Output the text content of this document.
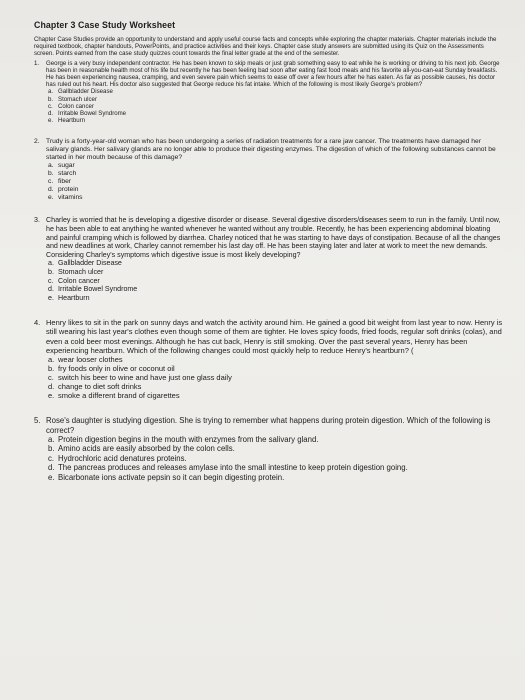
Chapter 3 Case Study Worksheet

Chapter Case Studies provide an opportunity to understand and apply useful course facts and concepts while exploring the chapter materials. Chapter materials include the required textbook, chapter handouts, PowerPoints, and practice activities and their keys. Chapter case study answers are submitted using its Quiz on the Assessments screen. Points earned from the case study quizzes count towards the final letter grade at the end of the semester.

1.	George is a very busy independent contractor. He has been known to skip meals or just grab something easy to eat while he is working or driving to his next job. George has been in reasonable health most of his life but recently he has been feeling bad soon after eating fast food meals and his favorite all-you-can-eat Sunday breakfasts. He has been experiencing nausea, cramping, and even severe pain which seems to ease off over a few hours after he has eaten. As far as possible causes, his doctor has ruled out his heart. His doctor also suggested that George reduce his fat intake. Which of the following is most likely George's problem?

a. Gallbladder Disease
b. Stomach ulcer
c. Colon cancer
d. Irritable Bowel Syndrome
e. Heartburn
2. Trudy is a forty-year-old woman who has been undergoing a series of radiation treatments for a rare jaw cancer. The treatments have damaged her salivary glands. Her salivary glands are no longer able to produce their digesting enzymes. The digestion of which of the following substances cannot be started in her mouth because of this damage?

a. sugar
b. starch
c. fiber
d. protein
e. vitamins
3. Charley is worried that he is developing a digestive disorder or disease. Several digestive disorders/diseases seem to run in the family. Until now, he has been able to eat anything he wanted whenever he wanted without any trouble. Recently, he has been experiencing abdominal bloating and painful cramping which is followed by diarrhea. Charley noticed that he was starting to have days of constipation. Because of all the changes and new deadlines at work, Charley cannot remember his last day off. He has been staying later and later at work to meet the new demands. Considering Charley's symptoms which digestive issue is most likely developing?

a. Gallbladder Disease
b. Stomach ulcer
c. Colon cancer
d. Irritable Bowel Syndrome
e. Heartburn
4. Henry likes to sit in the park on sunny days and watch the activity around him. He gained a good bit weight from last year to now. Henry is still wearing his last year's clothes even though some of them are tighter. He loves spicy foods, fried foods, regular soft drinks (colas), and even a cold beer most evenings. Although he has cut back, Henry is still smoking. Over the past several years, Henry has been experiencing heartburn. Which of the following changes could most quickly help to reduce Henry's heartburn? (

a. wear looser clothes
b. fry foods only in olive or coconut oil
c. switch his beer to wine and have just one glass daily
d. change to diet soft drinks
e. smoke a different brand of cigarettes
5. Rose's daughter is studying digestion. She is trying to remember what happens during protein digestion. Which of the following is correct?

a. Protein digestion begins in the mouth with enzymes from the salivary gland.
b. Amino acids are easily absorbed by the colon cells.
c. Hydrochloric acid denatures proteins.
d. The pancreas produces and releases amylase into the small intestine to keep protein digestion going.
e. Bicarbonate ions activate pepsin so it can begin digesting protein.
